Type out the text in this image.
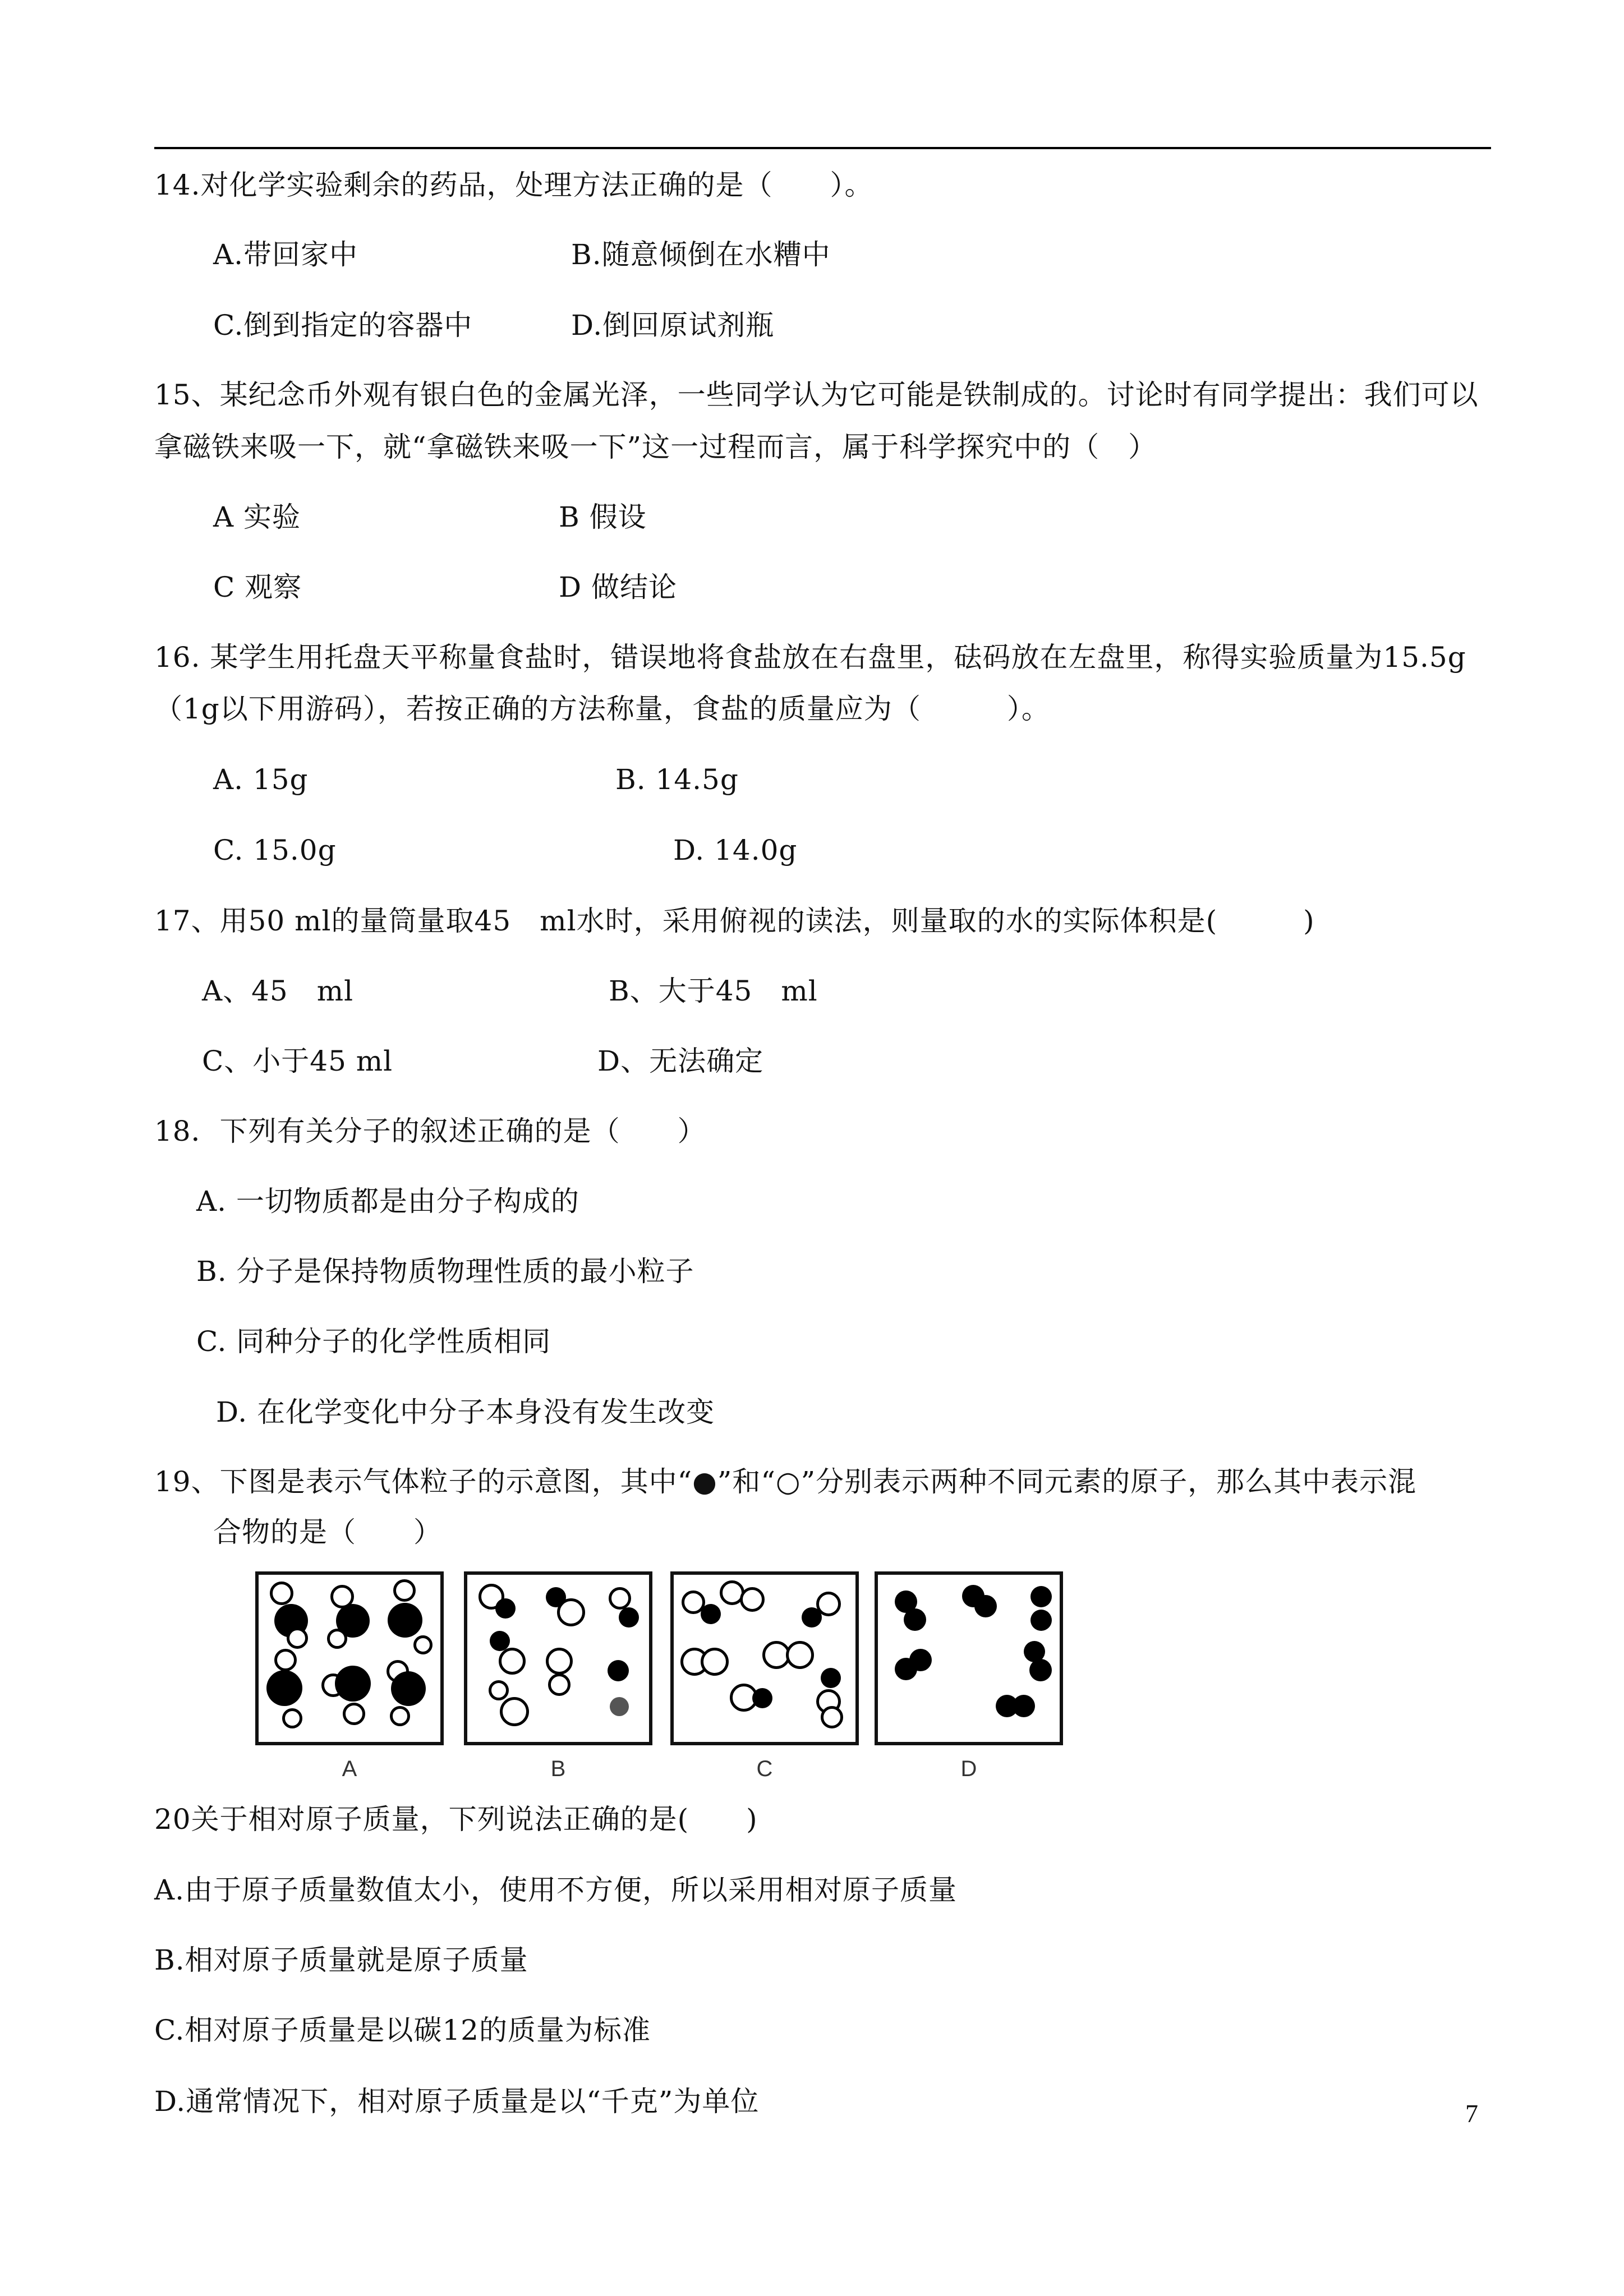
14.对化学实验剩余的药品，处理方法正确的是（　　）。
A.带回家中	B.随意倾倒在水糟中
C.倒到指定的容器中	D.倒回原试剂瓶
15、某纪念币外观有银白色的金属光泽，一些同学认为它可能是铁制成的。讨论时有同学提出：我们可以
拿磁铁来吸一下，就“拿磁铁来吸一下”这一过程而言，属于科学探究中的（　）
A 实验	B 假设
C 观察	D 做结论
16. 某学生用托盘天平称量食盐时，错误地将食盐放在右盘里，砝码放在左盘里，称得实验质量为15.5g
（1g以下用游码），若按正确的方法称量，食盐的质量应为（　　　）。
A. 15g	B. 14.5g
C. 15.0g	D. 14.0g
17、用50 ml的量筒量取45　ml水时，采用俯视的读法，则量取的水的实际体积是(　　　)
A、45　ml	B、大于45　ml
C、小于45 ml	D、无法确定
18．下列有关分子的叙述正确的是（　　）
A. 一切物质都是由分子构成的
B. 分子是保持物质物理性质的最小粒子
C. 同种分子的化学性质相同
D. 在化学变化中分子本身没有发生改变
19、下图是表示气体粒子的示意图，其中“●”和“○”分别表示两种不同元素的原子，那么其中表示混
合物的是（　　）
A	B	C	D
20关于相对原子质量，下列说法正确的是(　　)
A.由于原子质量数值太小，使用不方便，所以采用相对原子质量
B.相对原子质量就是原子质量
C.相对原子质量是以碳12的质量为标准
D.通常情况下，相对原子质量是以“千克”为单位	7
